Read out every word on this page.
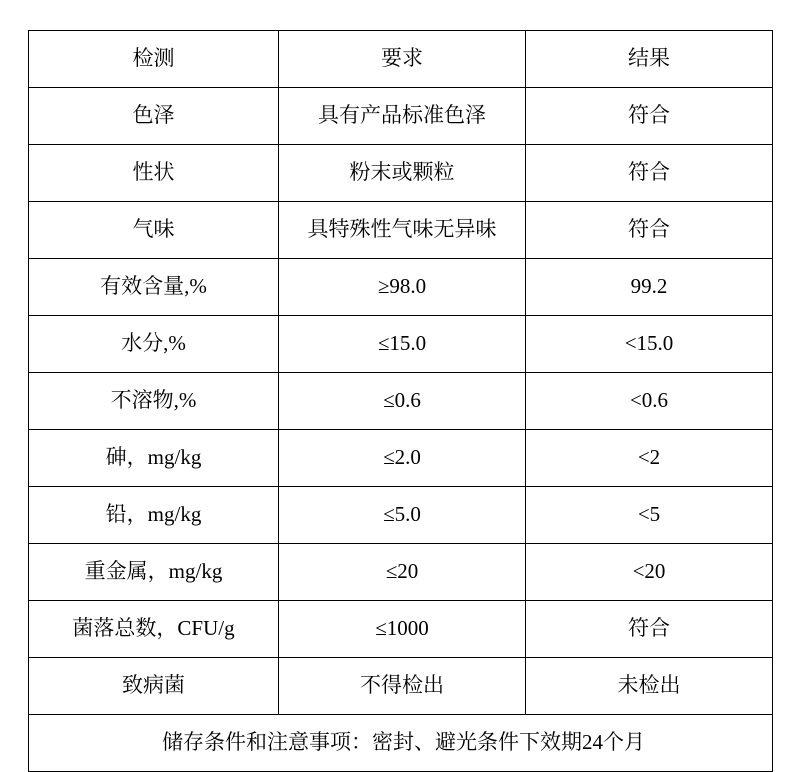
检测	要求	结果

色泽	具有产品标准色泽	符合

性状	粉末或颗粒	符合

气味	具特殊性气味无异味	符合

有效含量,%	≥98.0	99.2

水分,%	≤15.0	<15.0

不溶物,%	≤0.6	<0.6

砷，mg/kg	≤2.0	<2

铅，mg/kg	≤5.0	<5

重金属，mg/kg	≤20	<20

菌落总数，CFU/g	≤1000	符合

致病菌	不得检出	未检出

储存条件和注意事项：密封、避光条件下效期24个月		
